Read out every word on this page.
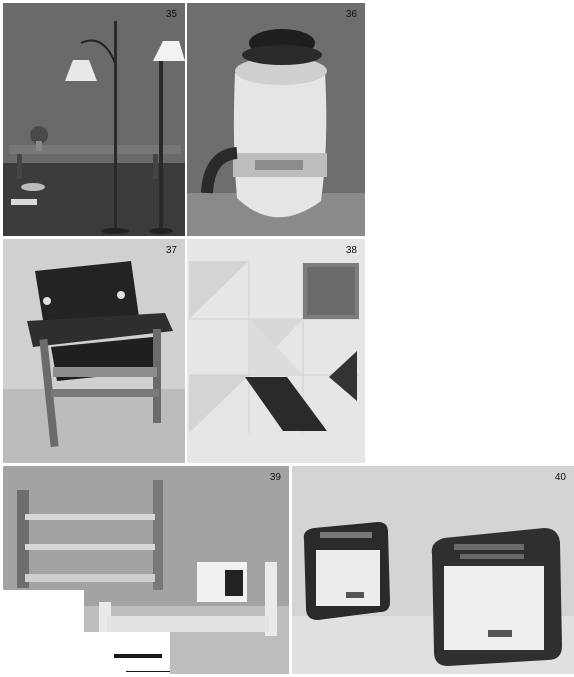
35	36
37	38
39	40
